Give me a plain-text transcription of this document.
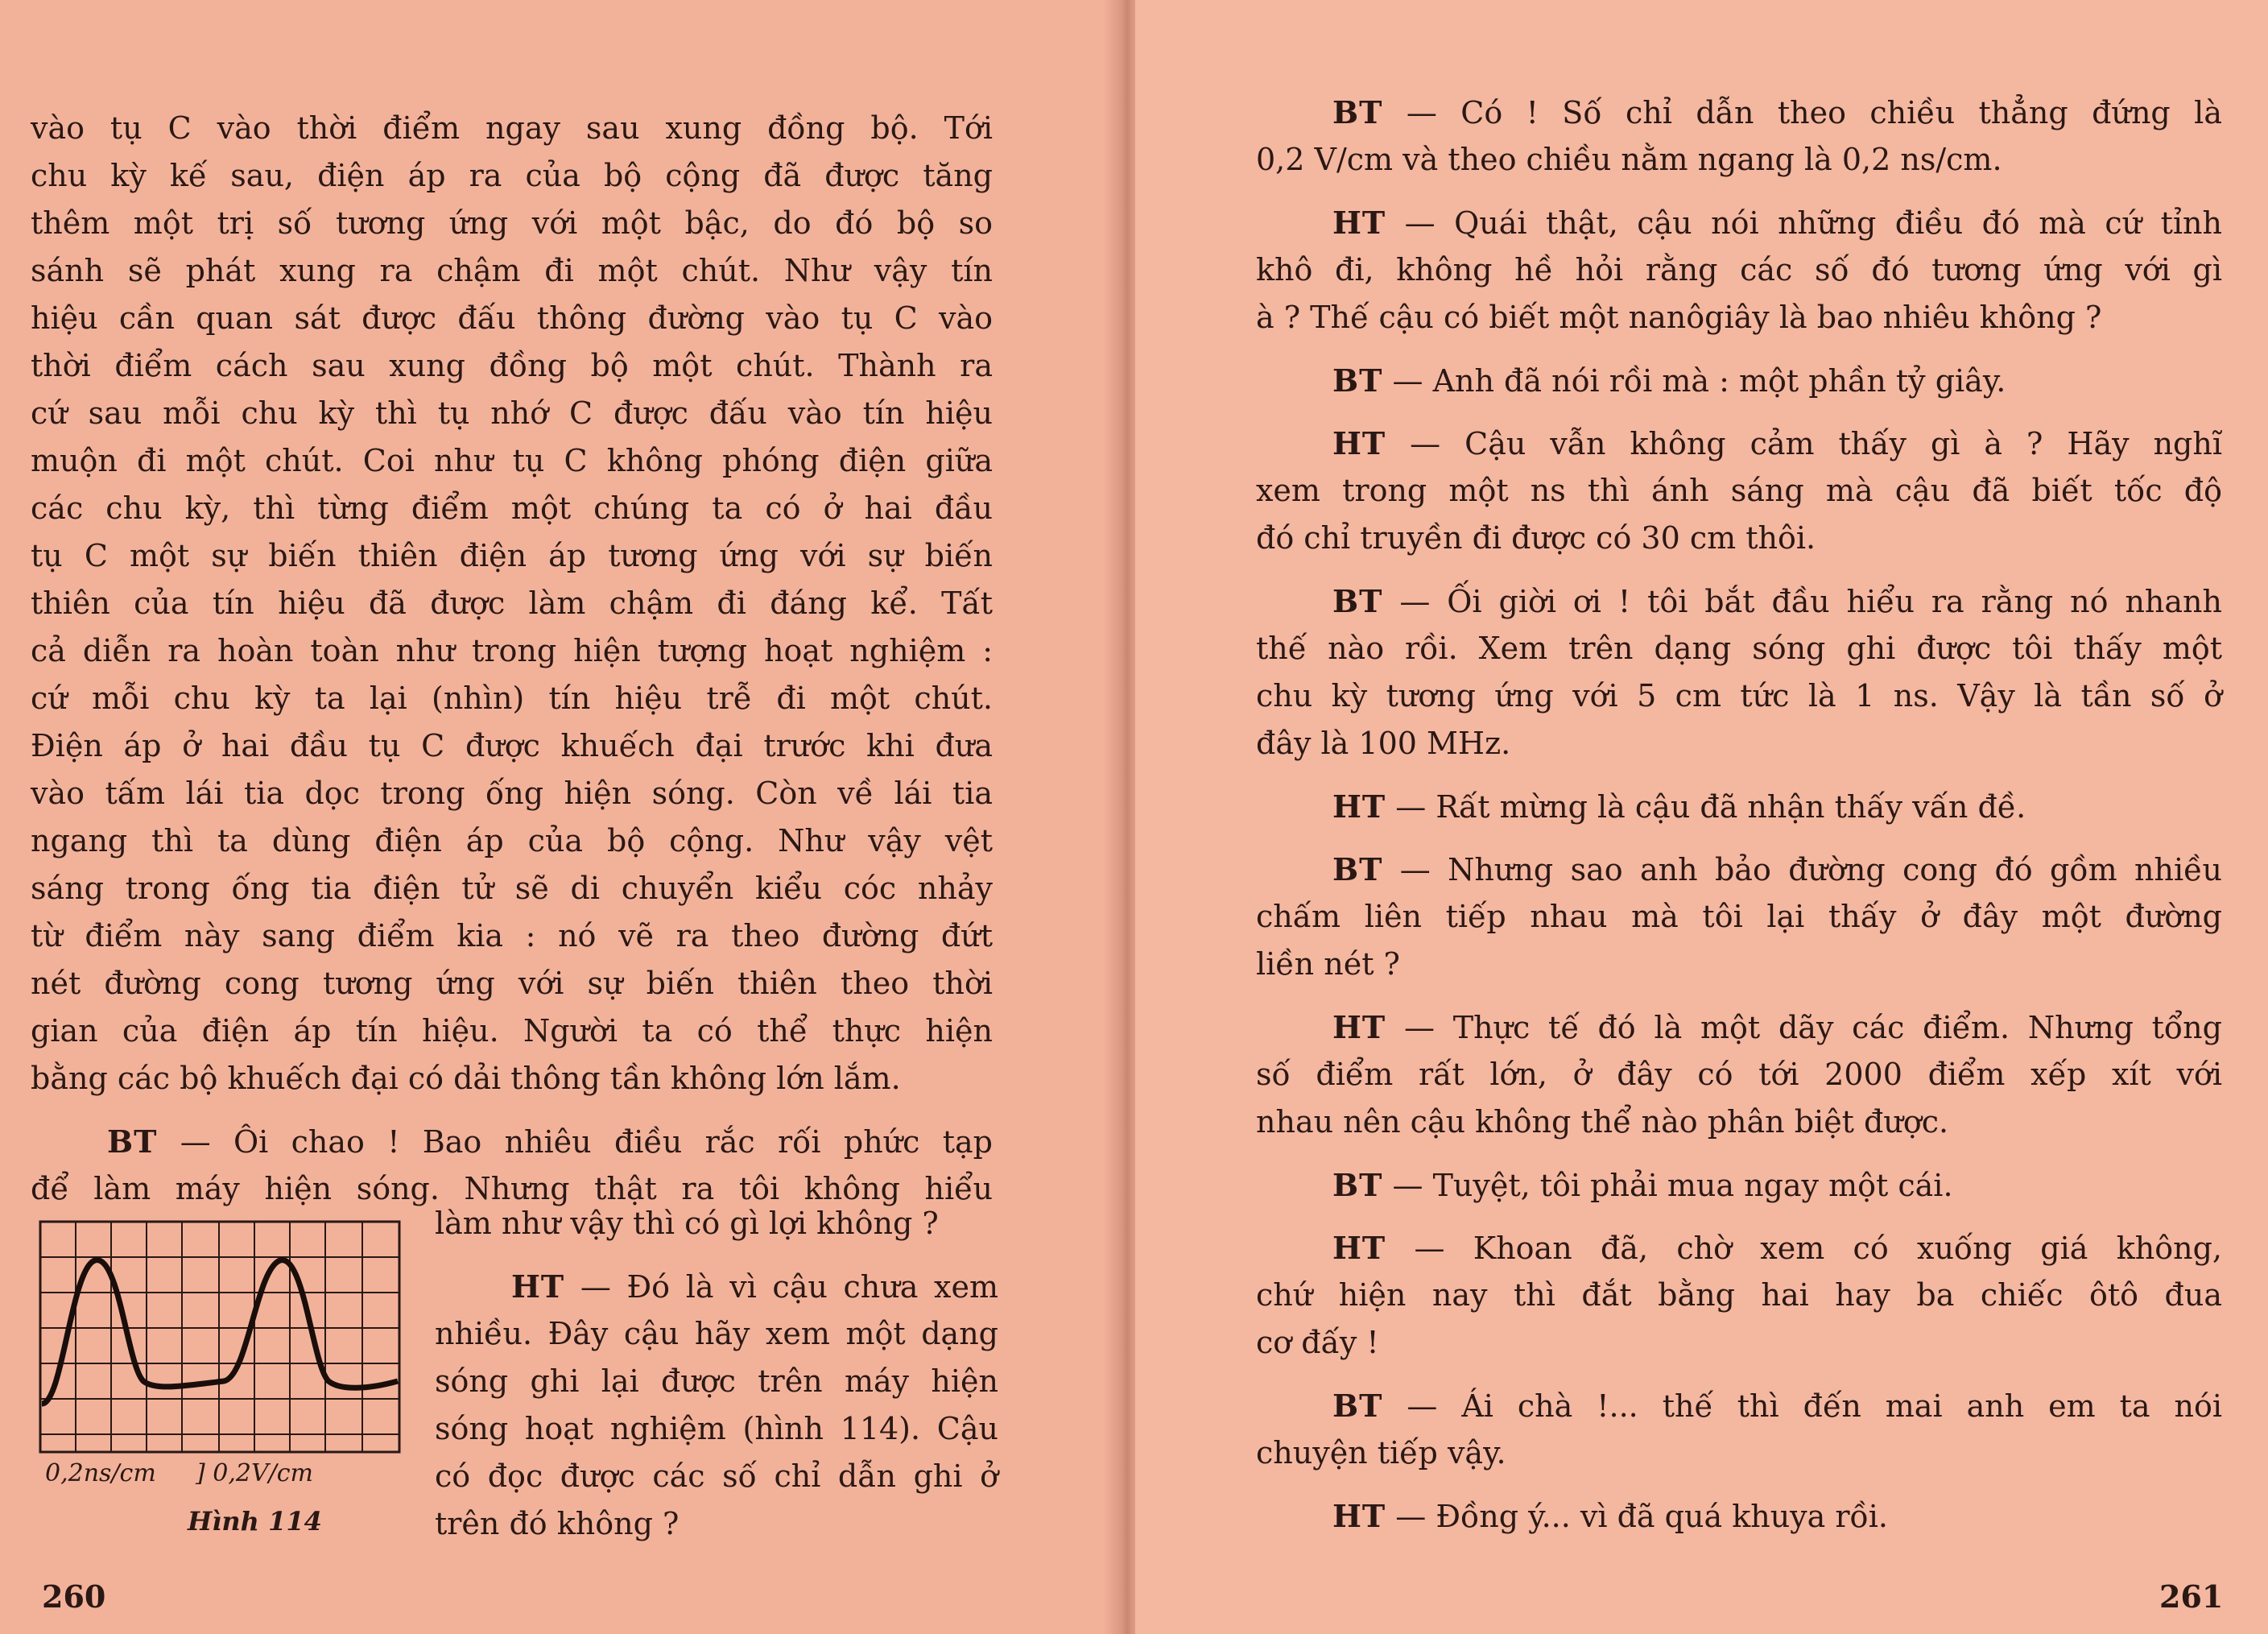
vào tụ C vào thời điểm ngay sau xung đồng bộ. Tới
chu kỳ kế sau, điện áp ra của bộ cộng đã được tăng
thêm một trị số tương ứng với một bậc, do đó bộ so
sánh sẽ phát xung ra chậm đi một chút. Như vậy tín
hiệu cần quan sát được đấu thông đường vào tụ C vào
thời điểm cách sau xung đồng bộ một chút. Thành ra
cứ sau mỗi chu kỳ thì tụ nhớ C được đấu vào tín hiệu
muộn đi một chút. Coi như tụ C không phóng điện giữa
các chu kỳ, thì từng điểm một chúng ta có ở hai đầu
tụ C một sự biến thiên điện áp tương ứng với sự biến
thiên của tín hiệu đã được làm chậm đi đáng kể. Tất
cả diễn ra hoàn toàn như trong hiện tượng hoạt nghiệm :
cứ mỗi chu kỳ ta lại (nhìn) tín hiệu trễ đi một chút.
Điện áp ở hai đầu tụ C được khuếch đại trước khi đưa
vào tấm lái tia dọc trong ống hiện sóng. Còn về lái tia
ngang thì ta dùng điện áp của bộ cộng. Như vậy vệt
sáng trong ống tia điện tử sẽ di chuyển kiểu cóc nhảy
từ điểm này sang điểm kia : nó vẽ ra theo đường đứt
nét đường cong tương ứng với sự biến thiên theo thời
gian của điện áp tín hiệu. Người ta có thể thực hiện
bằng các bộ khuếch đại có dải thông tần không lớn lắm.
BT — Ôi chao ! Bao nhiêu điều rắc rối phức tạp
để làm máy hiện sóng. Nhưng thật ra tôi không hiểu
0,2ns/cm ] 0,2V/cm
Hình 114
làm như vậy thì có gì lợi không ?
HT — Đó là vì cậu chưa xem
nhiều. Đây cậu hãy xem một dạng
sóng ghi lại được trên máy hiện
sóng hoạt nghiệm (hình 114). Cậu
có đọc được các số chỉ dẫn ghi ở
trên đó không ?
260
BT — Có ! Số chỉ dẫn theo chiều thẳng đứng là
0,2 V/cm và theo chiều nằm ngang là 0,2 ns/cm.
HT — Quái thật, cậu nói những điều đó mà cứ tỉnh
khô đi, không hề hỏi rằng các số đó tương ứng với gì
à ? Thế cậu có biết một nanôgiây là bao nhiêu không ?
BT — Anh đã nói rồi mà : một phần tỷ giây.
HT — Cậu vẫn không cảm thấy gì à ? Hãy nghĩ
xem trong một ns thì ánh sáng mà cậu đã biết tốc độ
đó chỉ truyền đi được có 30 cm thôi.
BT — Ối giời ơi ! tôi bắt đầu hiểu ra rằng nó nhanh
thế nào rồi. Xem trên dạng sóng ghi được tôi thấy một
chu kỳ tương ứng với 5 cm tức là 1 ns. Vậy là tần số ở
đây là 100 MHz.
HT — Rất mừng là cậu đã nhận thấy vấn đề.
BT — Nhưng sao anh bảo đường cong đó gồm nhiều
chấm liên tiếp nhau mà tôi lại thấy ở đây một đường
liền nét ?
HT — Thực tế đó là một dãy các điểm. Nhưng tổng
số điểm rất lớn, ở đây có tới 2000 điểm xếp xít với
nhau nên cậu không thể nào phân biệt được.
BT — Tuyệt, tôi phải mua ngay một cái.
HT — Khoan đã, chờ xem có xuống giá không,
chứ hiện nay thì đắt bằng hai hay ba chiếc ôtô đua
cơ đấy !
BT — Ái chà !... thế thì đến mai anh em ta nói
chuyện tiếp vậy.
HT — Đồng ý... vì đã quá khuya rồi.
261
